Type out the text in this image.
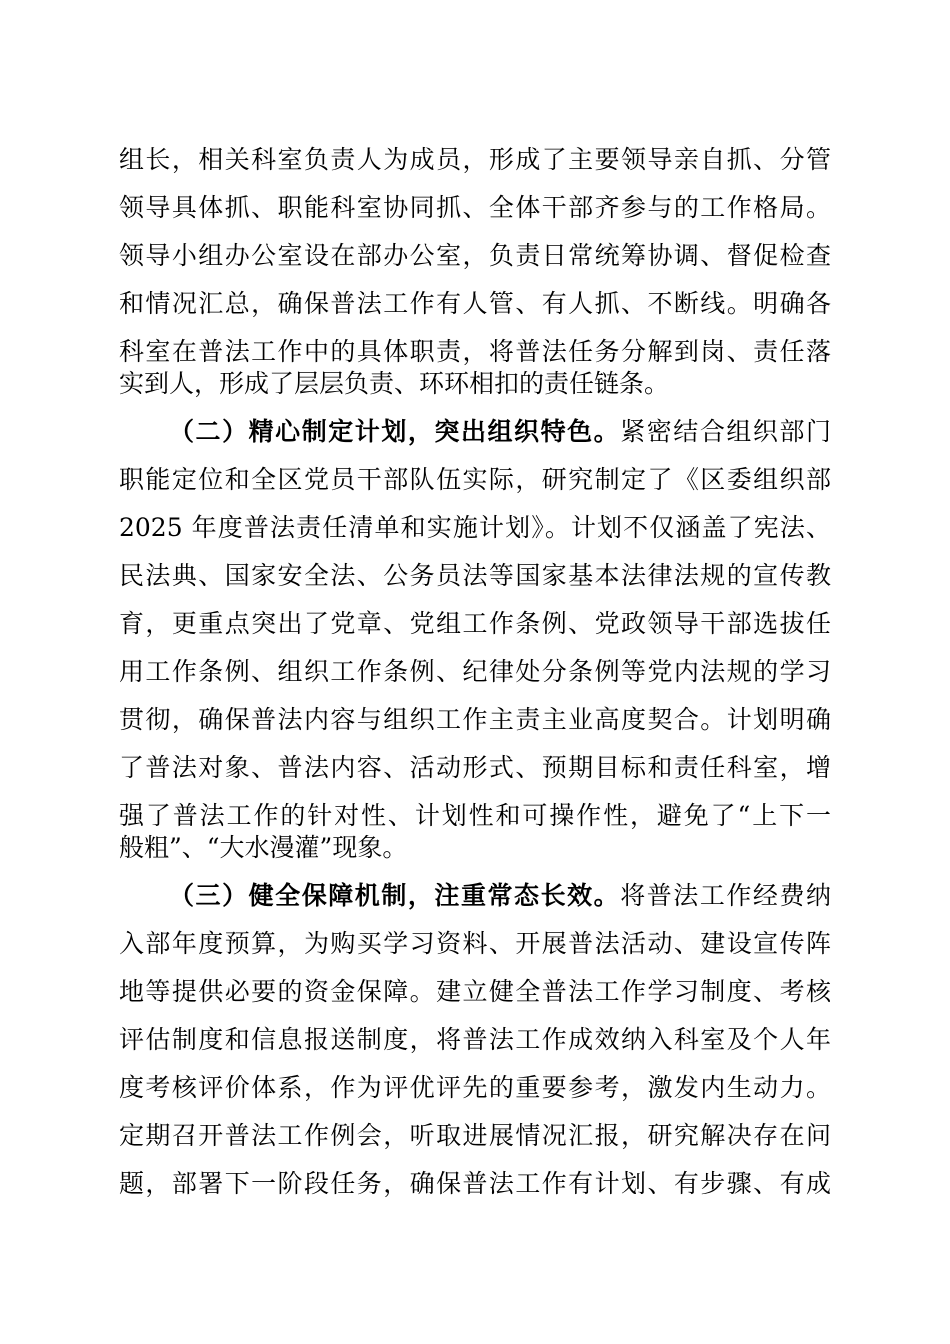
组长，相关科室负责人为成员，形成了主要领导亲自抓、分管
领导具体抓、职能科室协同抓、全体干部齐参与的工作格局。
领导小组办公室设在部办公室，负责日常统筹协调、督促检查
和情况汇总，确保普法工作有人管、有人抓、不断线。明确各
科室在普法工作中的具体职责，将普法任务分解到岗、责任落
实到人，形成了层层负责、环环相扣的责任链条。
（二）精心制定计划，突出组织特色。紧密结合组织部门
职能定位和全区党员干部队伍实际，研究制定了《区委组织部
2025 年度普法责任清单和实施计划》。计划不仅涵盖了宪法、
民法典、国家安全法、公务员法等国家基本法律法规的宣传教
育，更重点突出了党章、党组工作条例、党政领导干部选拔任
用工作条例、组织工作条例、纪律处分条例等党内法规的学习
贯彻，确保普法内容与组织工作主责主业高度契合。计划明确
了普法对象、普法内容、活动形式、预期目标和责任科室，增
强了普法工作的针对性、计划性和可操作性，避免了“上下一
般粗”、“大水漫灌”现象。
（三）健全保障机制，注重常态长效。将普法工作经费纳
入部年度预算，为购买学习资料、开展普法活动、建设宣传阵
地等提供必要的资金保障。建立健全普法工作学习制度、考核
评估制度和信息报送制度，将普法工作成效纳入科室及个人年
度考核评价体系，作为评优评先的重要参考，激发内生动力。
定期召开普法工作例会，听取进展情况汇报，研究解决存在问
题，部署下一阶段任务，确保普法工作有计划、有步骤、有成
